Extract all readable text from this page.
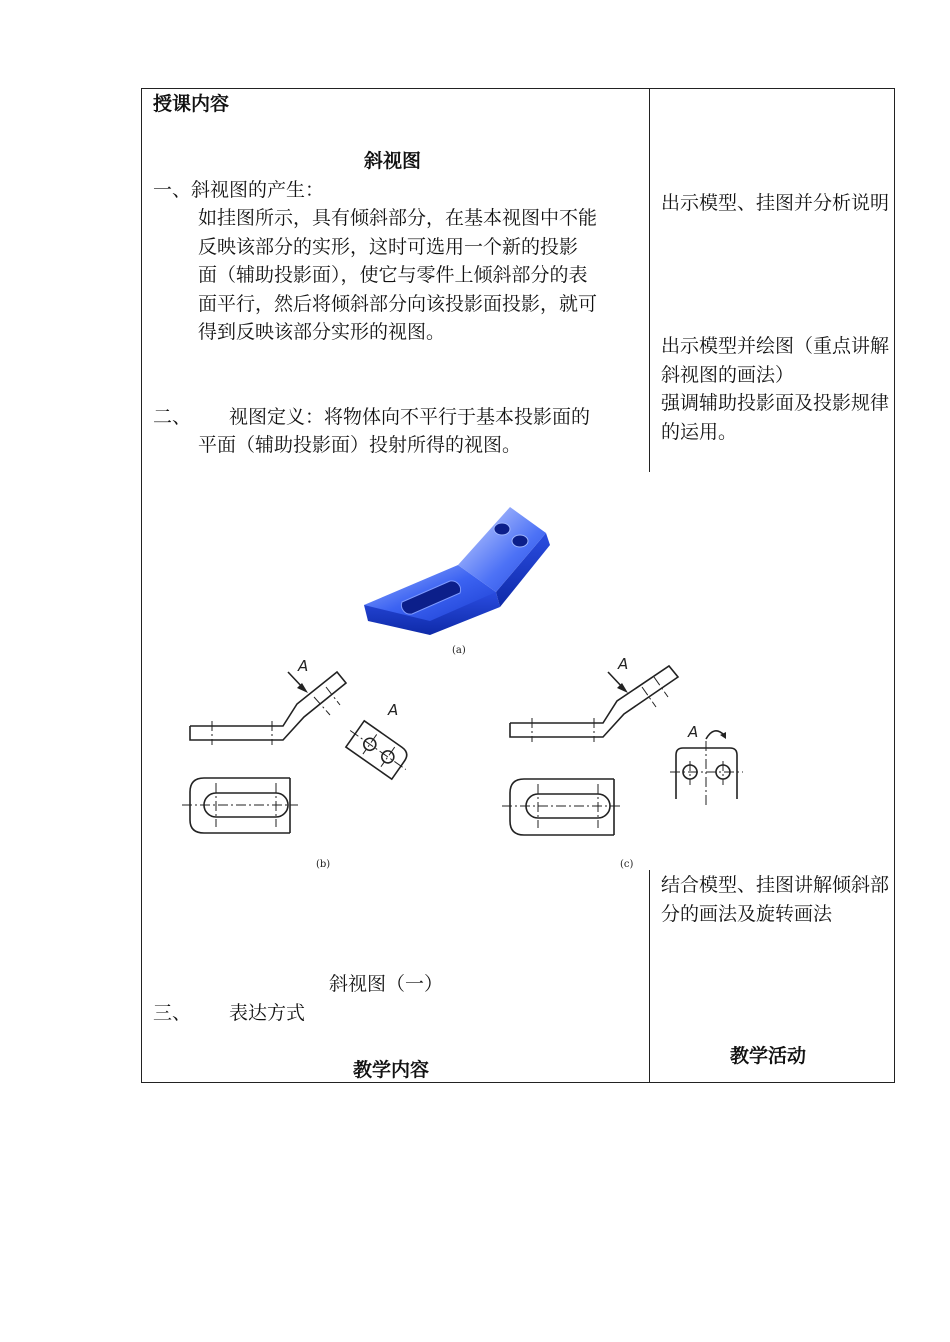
授课内容
斜视图
一、斜视图的产生：
如挂图所示，具有倾斜部分，在基本视图中不能
反映该部分的实形，这时可选用一个新的投影
面（辅助投影面），使它与零件上倾斜部分的表
面平行，然后将倾斜部分向该投影面投影，就可
得到反映该部分实形的视图。
二、 视图定义：将物体向不平行于基本投影面的
平面（辅助投影面）投射所得的视图。
出示模型、挂图并分析说明
出示模型并绘图（重点讲解斜视图的画法）
强调辅助投影面及投影规律的运用。
结合模型、挂图讲解倾斜部分的画法及旋转画法
(a)
A
A
(b)
A
A
(c)
斜视图（一）
三、 表达方式
教学内容
教学活动
